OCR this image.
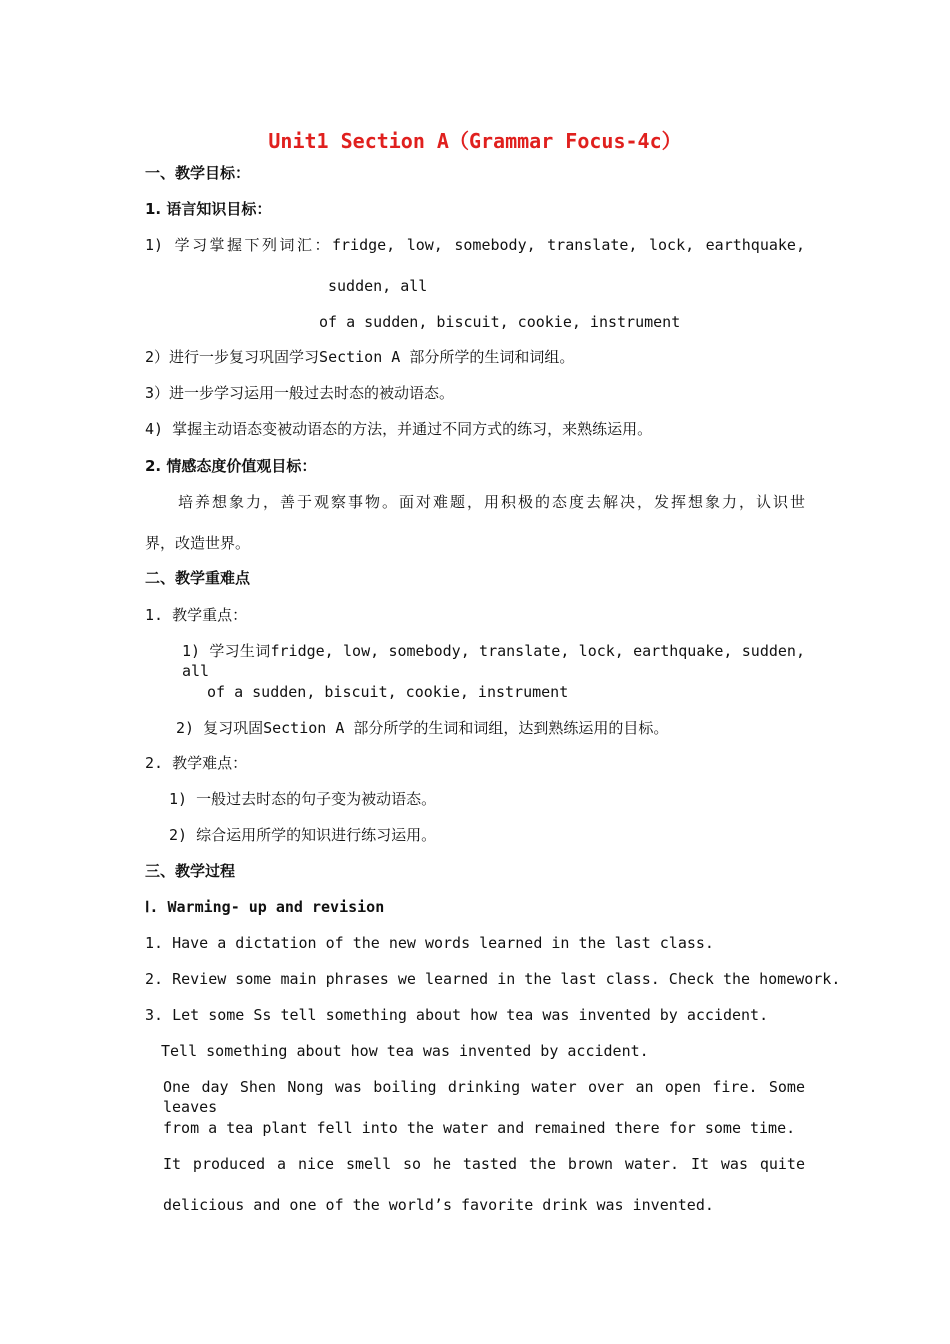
Unit1 Section A（Grammar Focus-4c）
一、教学目标：
1. 语言知识目标：
1) 学习掌握下列词汇：fridge, low, somebody, translate, lock, earthquake,
sudden, all
of a sudden, biscuit, cookie, instrument
2）进行一步复习巩固学习Section A 部分所学的生词和词组。
3）进一步学习运用一般过去时态的被动语态。
4) 掌握主动语态变被动语态的方法，并通过不同方式的练习，来熟练运用。
2. 情感态度价值观目标：
培养想象力，善于观察事物。面对难题，用积极的态度去解决，发挥想象力，认识世
界，改造世界。
二、教学重难点
1. 教学重点：
1) 学习生词fridge, low, somebody, translate, lock, earthquake, sudden, all
of a sudden, biscuit, cookie, instrument
2) 复习巩固Section A 部分所学的生词和词组，达到熟练运用的目标。
2. 教学难点：
1) 一般过去时态的句子变为被动语态。
2) 综合运用所学的知识进行练习运用。
三、教学过程
Ⅰ. Warming- up and revision
1. Have a dictation of the new words learned in the last class.
2. Review some main phrases we learned in the last class. Check the homework.
3. Let some Ss tell something about how tea was invented by accident.
Tell something about how tea was invented by accident.
One day Shen Nong was boiling drinking water over an open fire. Some leaves
from a tea plant fell into the water and remained there for some time.
It produced a nice smell so he tasted the brown water. It was quite
delicious and one of the world’s favorite drink was invented.
